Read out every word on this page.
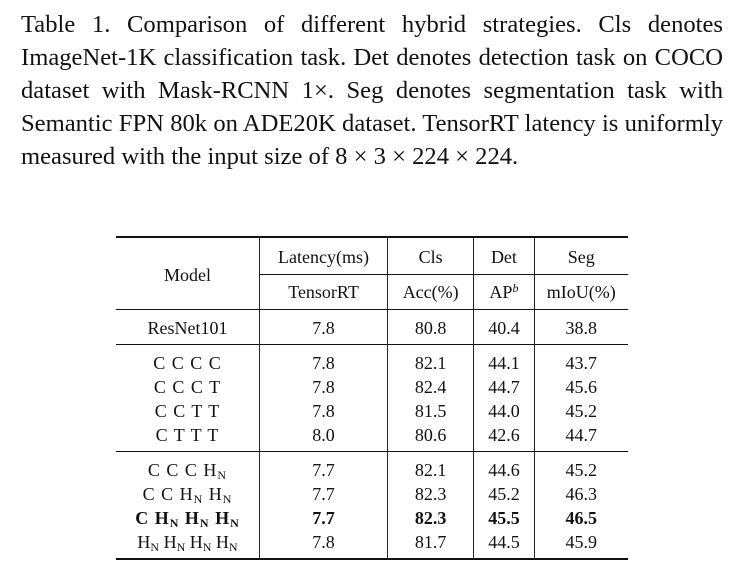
Table 1. Comparison of different hybrid strategies. Cls denotes ImageNet-1K classification task. Det denotes detection task on COCO dataset with Mask-RCNN 1×. Seg denotes segmentation task with Semantic FPN 80k on ADE20K dataset. TensorRT latency is uniformly measured with the input size of 8 × 3 × 224 × 224.
Model	Latency(ms)	Cls	Det	Seg
	TensorRT	Acc(%)	$AP^b$	mIoU(%)
ResNet101	7.8	80.8	40.4	38.8
C C C C	7.8	82.1	44.1	43.7
C C C T	7.8	82.4	44.7	45.6
C C T T	7.8	81.5	44.0	45.2
C T T T	8.0	80.6	42.6	44.7
C C C $H_N$	7.7	82.1	44.6	45.2
C C $H_N$ $H_N$	7.7	82.3	45.2	46.3
C $H_N$ $H_N$ $H_N$	7.7	82.3	45.5	46.5
$H_N$ $H_N$ $H_N$ $H_N$	7.8	81.7	44.5	45.9
